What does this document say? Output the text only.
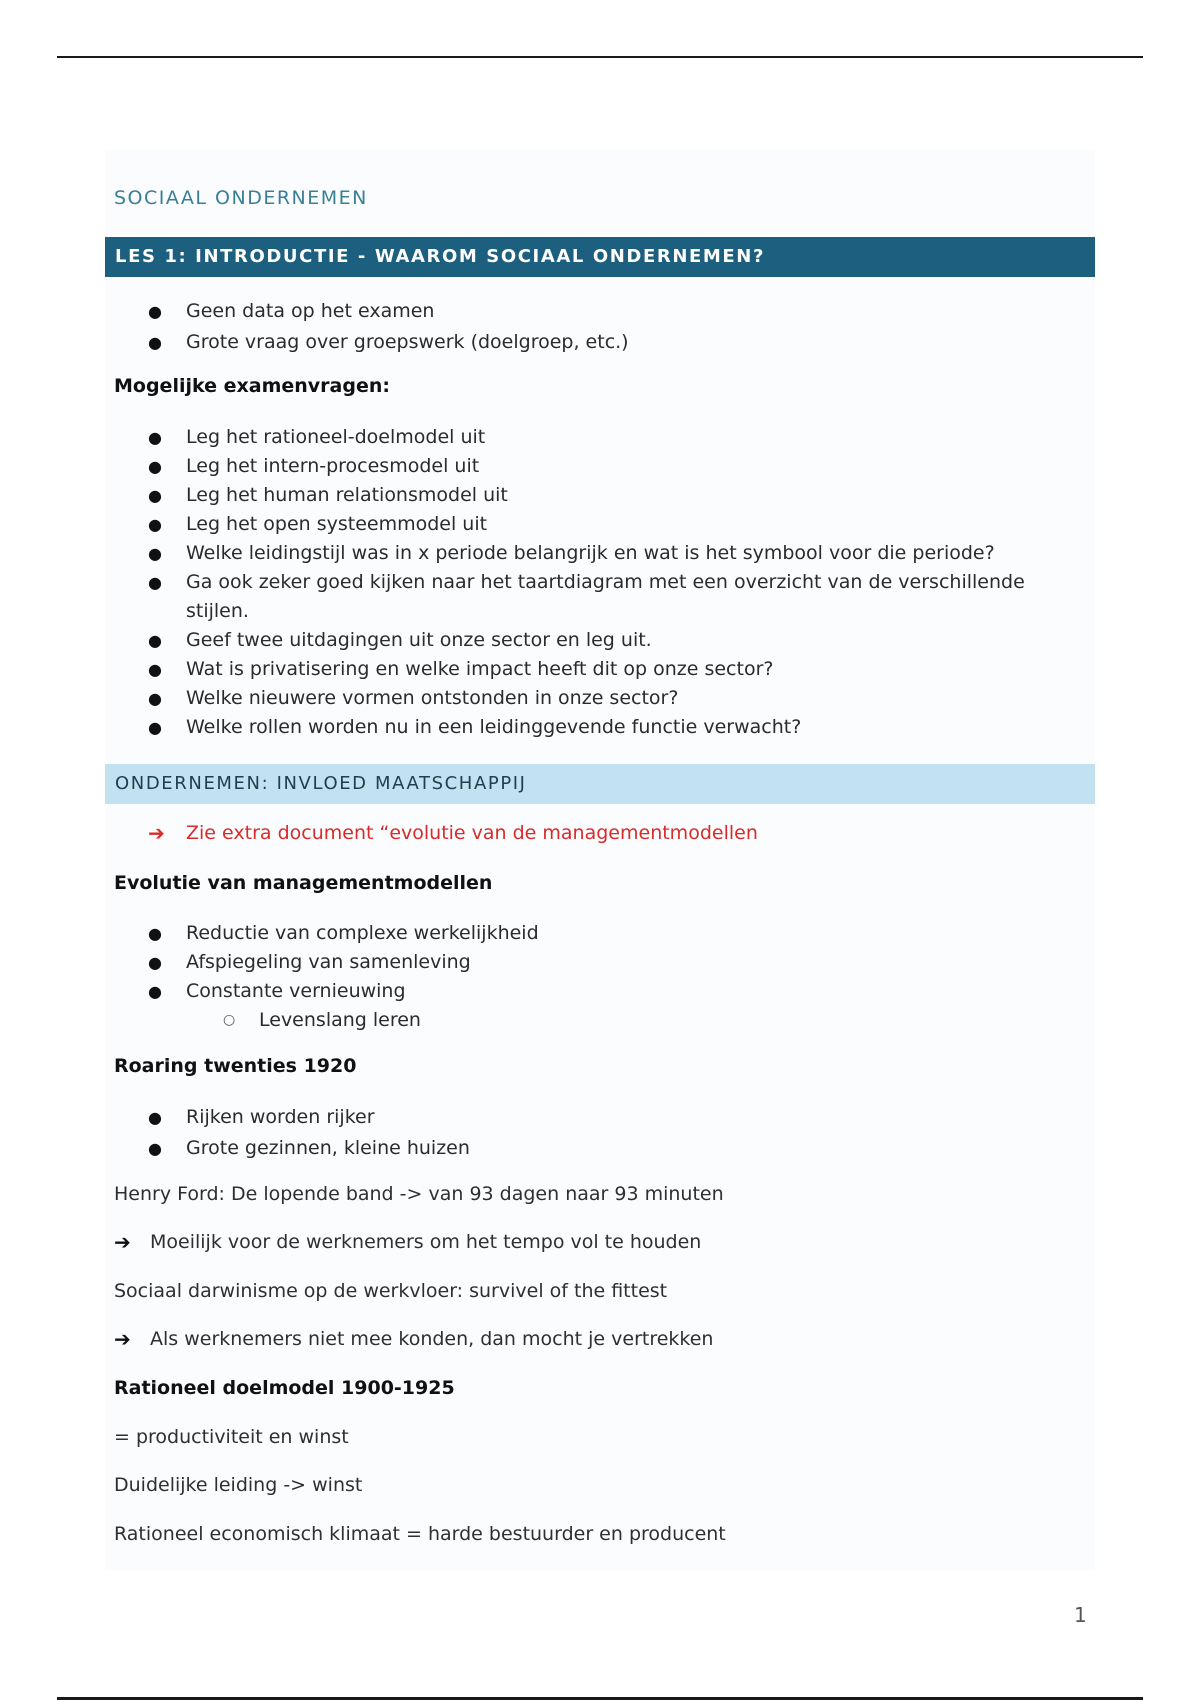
SOCIAAL ONDERNEMEN
LES 1: INTRODUCTIE - WAAROM SOCIAAL ONDERNEMEN?
● Geen data op het examen
● Grote vraag over groepswerk (doelgroep, etc.)
Mogelijke examenvragen:
● Leg het rationeel-doelmodel uit
● Leg het intern-procesmodel uit
● Leg het human relationsmodel uit
● Leg het open systeemmodel uit
● Welke leidingstijl was in x periode belangrijk en wat is het symbool voor die periode?
● Ga ook zeker goed kijken naar het taartdiagram met een overzicht van de verschillende stijlen.
● Geef twee uitdagingen uit onze sector en leg uit.
● Wat is privatisering en welke impact heeft dit op onze sector?
● Welke nieuwere vormen ontstonden in onze sector?
● Welke rollen worden nu in een leidinggevende functie verwacht?
ONDERNEMEN: INVLOED MAATSCHAPPIJ
➔ Zie extra document “evolutie van de managementmodellen
Evolutie van managementmodellen
● Reductie van complexe werkelijkheid
● Afspiegeling van samenleving
● Constante vernieuwing
○ Levenslang leren
Roaring twenties 1920
● Rijken worden rijker
● Grote gezinnen, kleine huizen
Henry Ford: De lopende band -> van 93 dagen naar 93 minuten
➔ Moeilijk voor de werknemers om het tempo vol te houden
Sociaal darwinisme op de werkvloer: survivel of the fittest
➔ Als werknemers niet mee konden, dan mocht je vertrekken
Rationeel doelmodel 1900-1925
= productiviteit en winst
Duidelijke leiding -> winst
Rationeel economisch klimaat = harde bestuurder en producent
1
